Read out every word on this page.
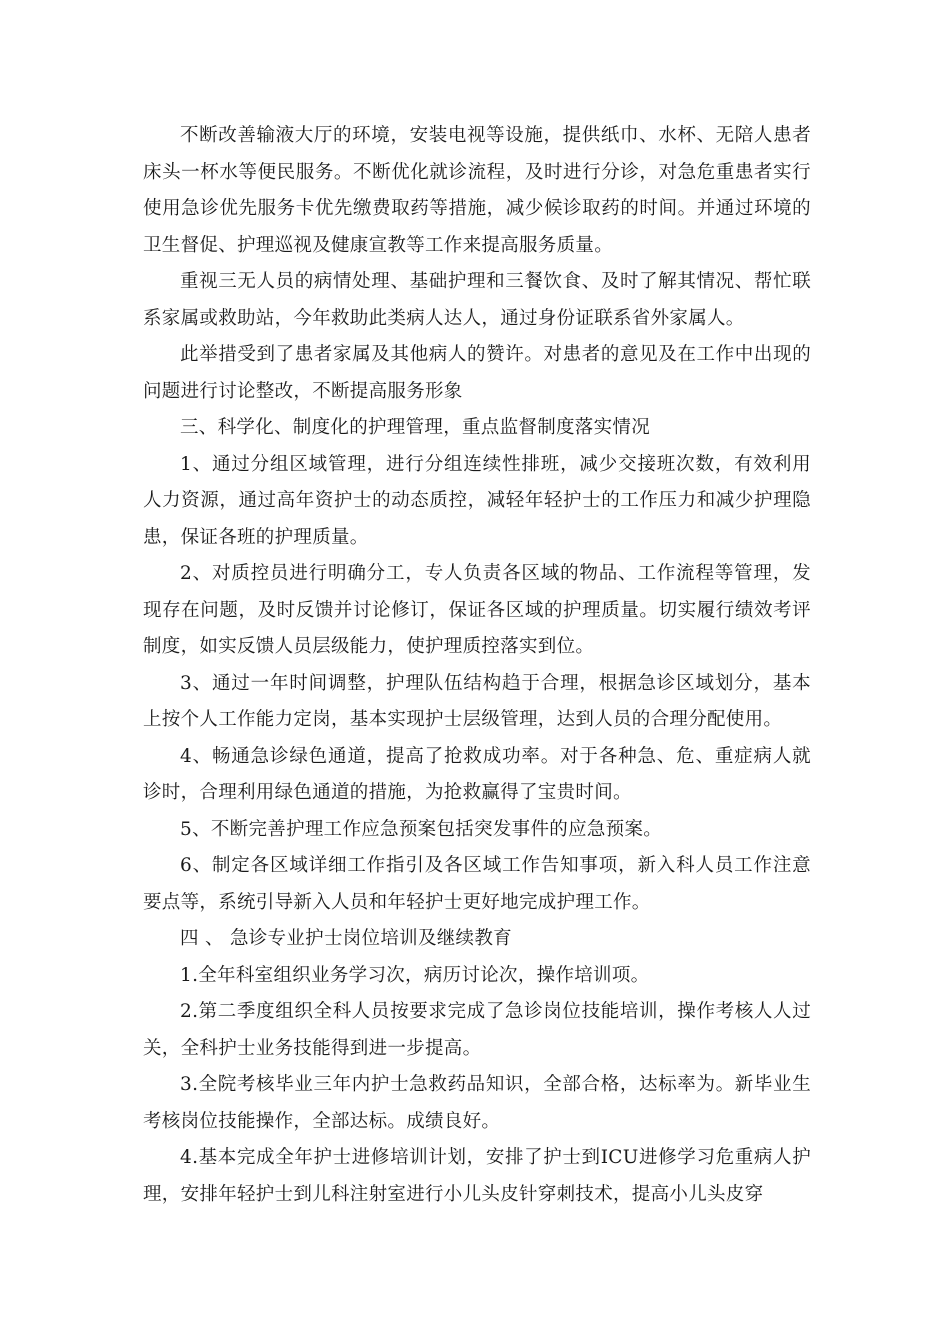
不断改善输液大厅的环境，安装电视等设施，提供纸巾、水杯、无陪人患者床头一杯水等便民服务。不断优化就诊流程，及时进行分诊，对急危重患者实行使用急诊优先服务卡优先缴费取药等措施，减少候诊取药的时间。并通过环境的卫生督促、护理巡视及健康宣教等工作来提高服务质量。

重视三无人员的病情处理、基础护理和三餐饮食、及时了解其情况、帮忙联系家属或救助站，今年救助此类病人达人，通过身份证联系省外家属人。

此举措受到了患者家属及其他病人的赞许。对患者的意见及在工作中出现的问题进行讨论整改，不断提高服务形象

三、科学化、制度化的护理管理，重点监督制度落实情况

1、通过分组区域管理，进行分组连续性排班，减少交接班次数，有效利用人力资源，通过高年资护士的动态质控，减轻年轻护士的工作压力和减少护理隐患，保证各班的护理质量。

2、对质控员进行明确分工，专人负责各区域的物品、工作流程等管理，发现存在问题，及时反馈并讨论修订，保证各区域的护理质量。切实履行绩效考评制度，如实反馈人员层级能力，使护理质控落实到位。

3、通过一年时间调整，护理队伍结构趋于合理，根据急诊区域划分，基本上按个人工作能力定岗，基本实现护士层级管理，达到人员的合理分配使用。

4、畅通急诊绿色通道，提高了抢救成功率。对于各种急、危、重症病人就诊时，合理利用绿色通道的措施，为抢救赢得了宝贵时间。

5、不断完善护理工作应急预案包括突发事件的应急预案。

6、制定各区域详细工作指引及各区域工作告知事项，新入科人员工作注意要点等，系统引导新入人员和年轻护士更好地完成护理工作。

四 、 急诊专业护士岗位培训及继续教育

1.全年科室组织业务学习次，病历讨论次，操作培训项。

2.第二季度组织全科人员按要求完成了急诊岗位技能培训，操作考核人人过关，全科护士业务技能得到进一步提高。

3.全院考核毕业三年内护士急救药品知识，全部合格，达标率为。新毕业生考核岗位技能操作，全部达标。成绩良好。

4.基本完成全年护士进修培训计划，安排了护士到ICU进修学习危重病人护理，安排年轻护士到儿科注射室进行小儿头皮针穿刺技术，提高小儿头皮穿
